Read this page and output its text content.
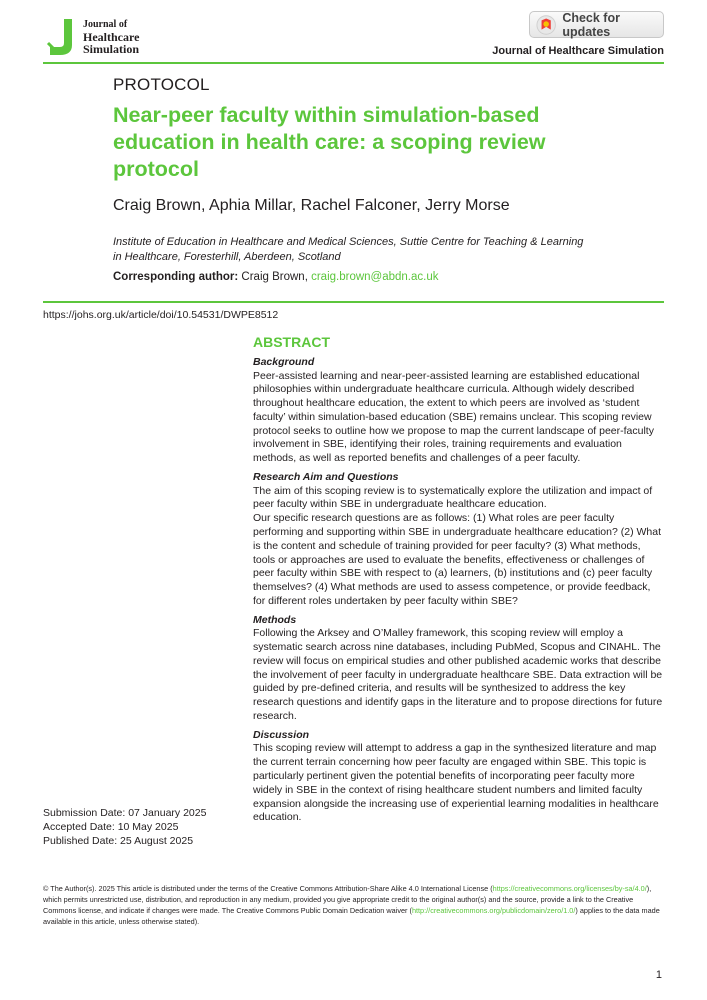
Journal of
Healthcare
Simulation
Check for updates
Journal of Healthcare Simulation
PROTOCOL
Near-peer faculty within simulation-based education in health care: a scoping review protocol
Craig Brown, Aphia Millar, Rachel Falconer, Jerry Morse
Institute of Education in Healthcare and Medical Sciences, Suttie Centre for Teaching & Learning in Healthcare, Foresterhill, Aberdeen, Scotland
Corresponding author: Craig Brown, craig.brown@abdn.ac.uk
https://johs.org.uk/article/doi/10.54531/DWPE8512
Submission Date: 07 January 2025
Accepted Date: 10 May 2025
Published Date: 25 August 2025
ABSTRACT
Background
Peer-assisted learning and near-peer-assisted learning are established educational philosophies within undergraduate healthcare curricula. Although widely described throughout healthcare education, the extent to which peers are involved as ‘student faculty’ within simulation-based education (SBE) remains unclear. This scoping review protocol seeks to outline how we propose to map the current landscape of peer-faculty involvement in SBE, identifying their roles, training requirements and evaluation methods, as well as reported benefits and challenges of a peer faculty.
Research Aim and Questions
The aim of this scoping review is to systematically explore the utilization and impact of peer faculty within SBE in undergraduate healthcare education.
Our specific research questions are as follows: (1) What roles are peer faculty performing and supporting within SBE in undergraduate healthcare education? (2) What is the content and schedule of training provided for peer faculty? (3) What methods, tools or approaches are used to evaluate the benefits, effectiveness or challenges of peer faculty within SBE with respect to (a) learners, (b) institutions and (c) peer faculty themselves? (4) What methods are used to assess competence, or provide feedback, for different roles undertaken by peer faculty within SBE?
Methods
Following the Arksey and O’Malley framework, this scoping review will employ a systematic search across nine databases, including PubMed, Scopus and CINAHL. The review will focus on empirical studies and other published academic works that describe the involvement of peer faculty in undergraduate healthcare SBE. Data extraction will be guided by pre-defined criteria, and results will be synthesized to address the key research questions and identify gaps in the literature and to propose directions for future research.
Discussion
This scoping review will attempt to address a gap in the synthesized literature and map the current terrain concerning how peer faculty are engaged within SBE. This topic is particularly pertinent given the potential benefits of incorporating peer faculty more widely in SBE in the context of rising healthcare student numbers and limited faculty expansion alongside the increasing use of experiential learning modalities in healthcare education.
© The Author(s). 2025 This article is distributed under the terms of the Creative Commons Attribution-Share Alike 4.0 International License (https://creativecommons.org/licenses/by-sa/4.0/), which permits unrestricted use, distribution, and reproduction in any medium, provided you give appropriate credit to the original author(s) and the source, provide a link to the Creative Commons license, and indicate if changes were made. The Creative Commons Public Domain Dedication waiver (http://creativecommons.org/publicdomain/zero/1.0/) applies to the data made available in this article, unless otherwise stated).
1
